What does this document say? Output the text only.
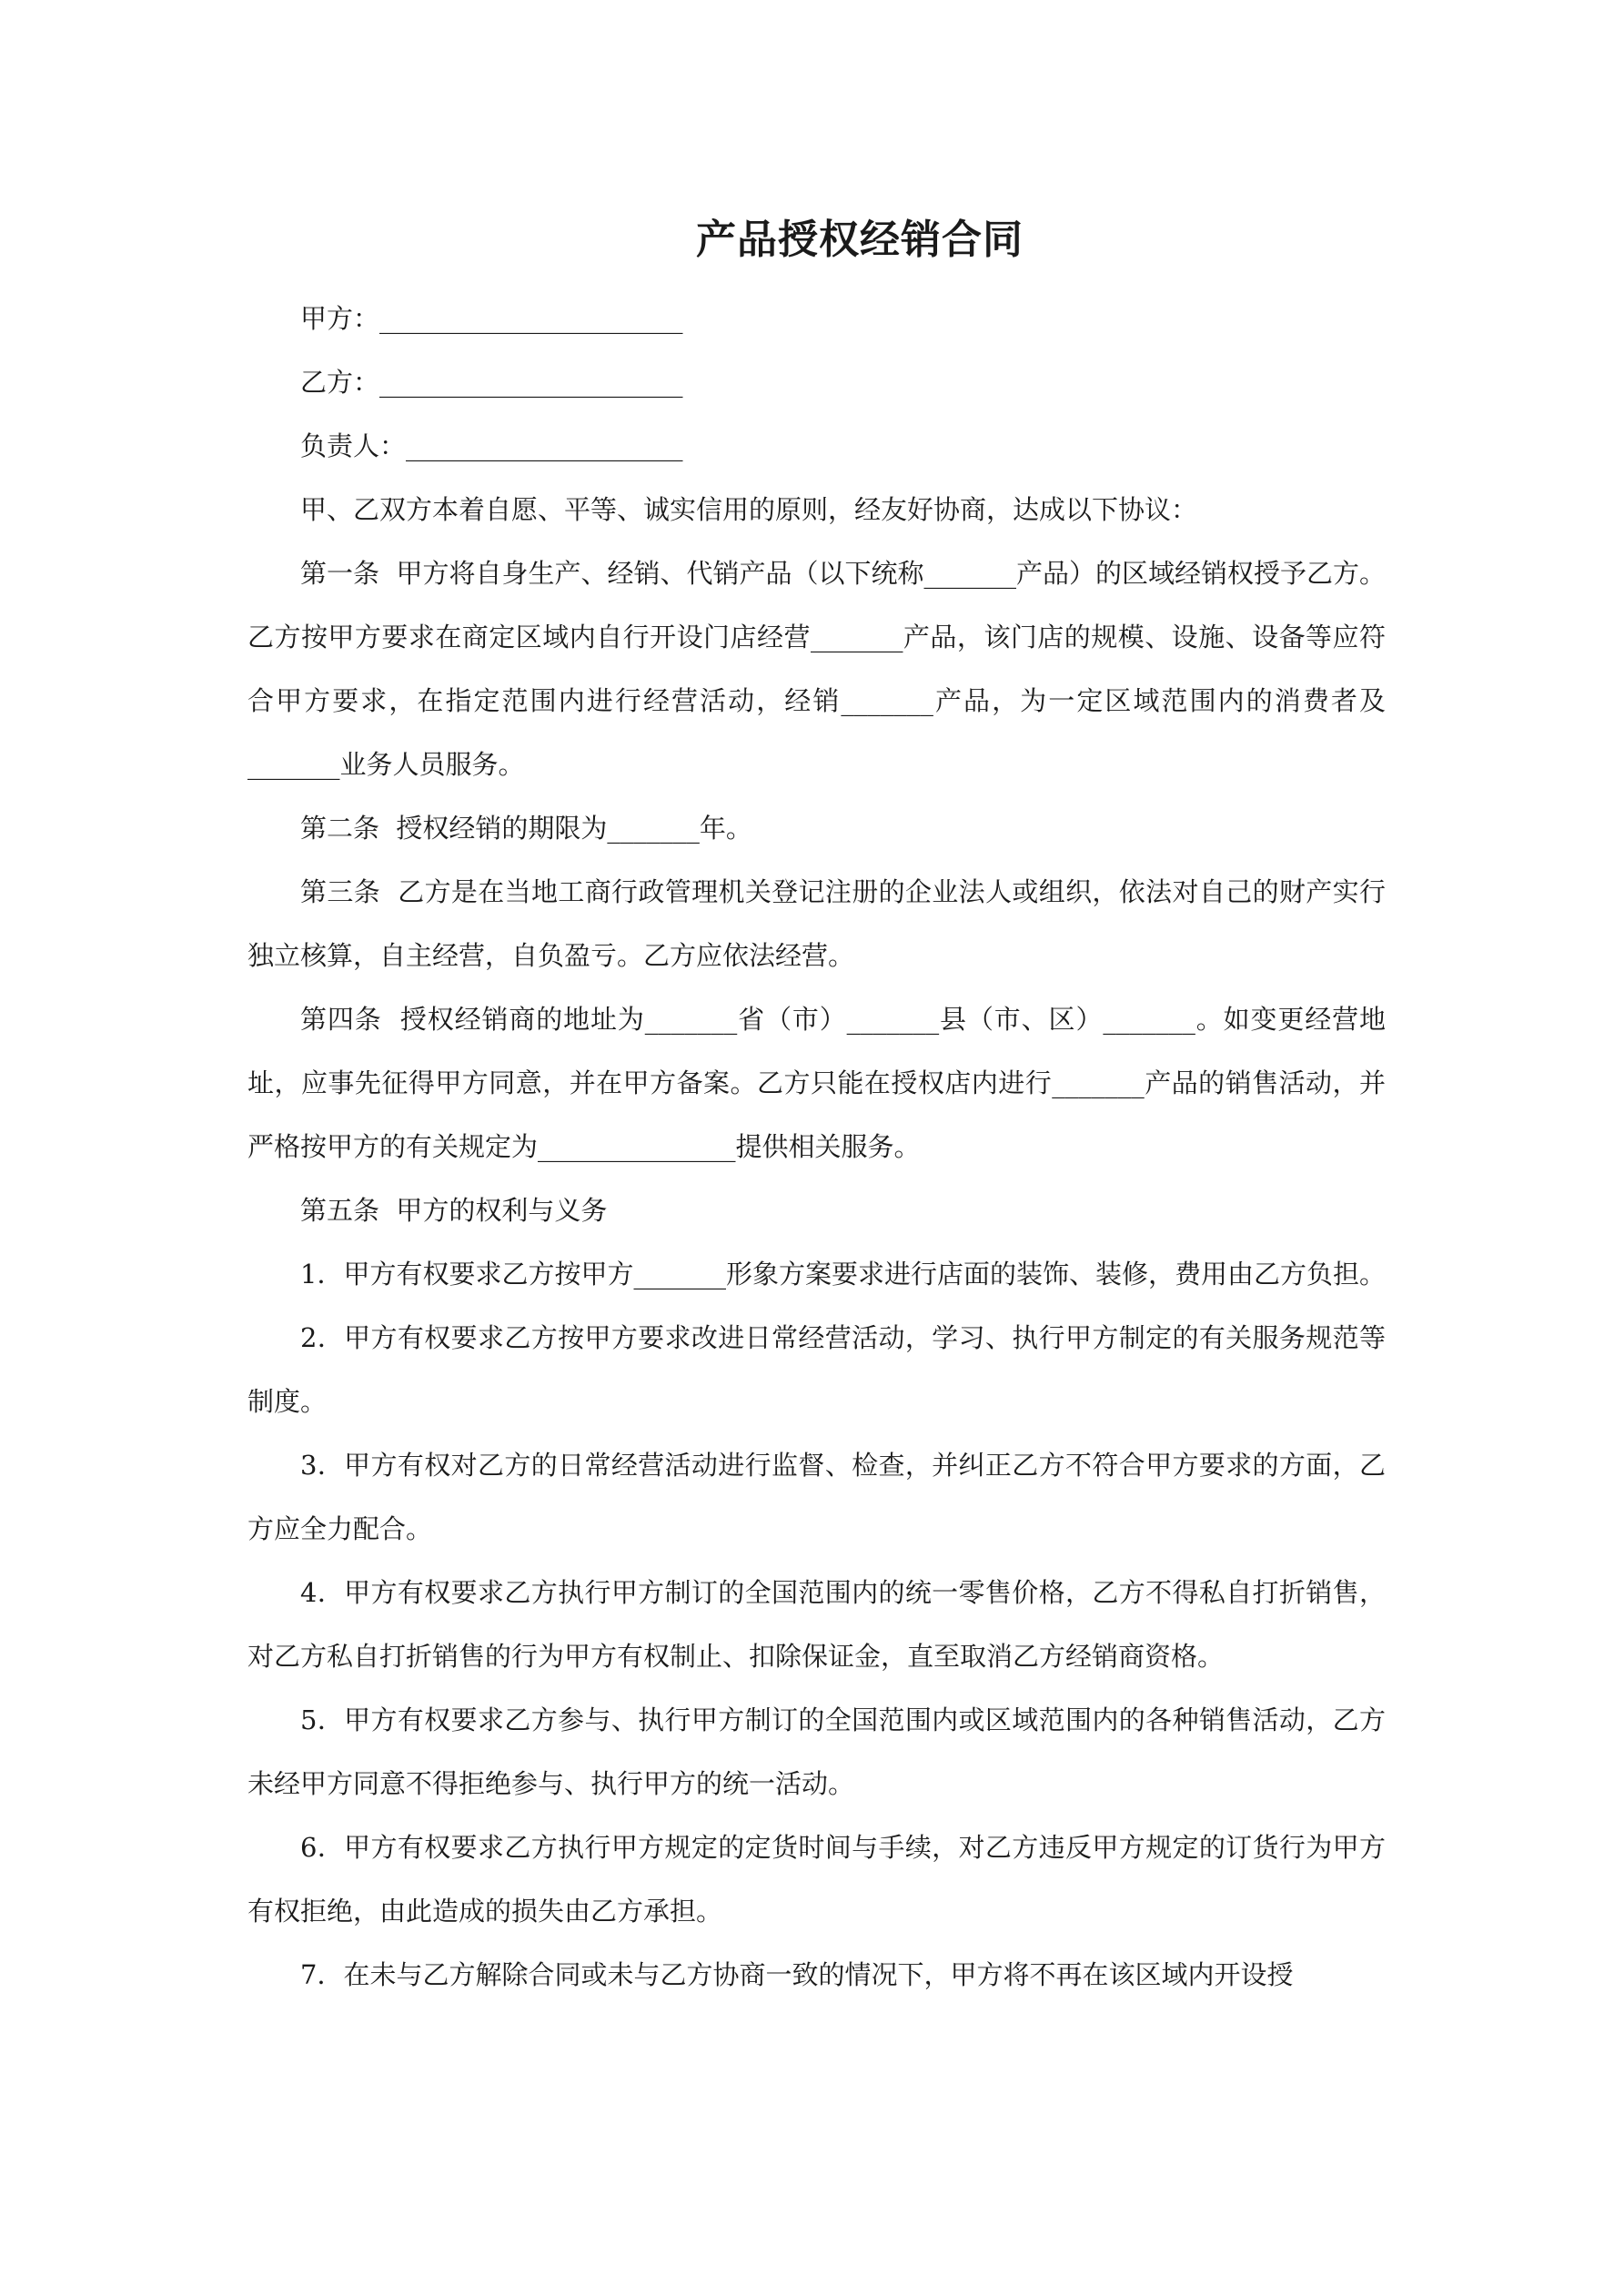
产品授权经销合同

甲方：_______________________

乙方：_______________________

负责人：_____________________

甲、乙双方本着自愿、平等、诚实信用的原则，经友好协商，达成以下协议：

第一条  甲方将自身生产、经销、代销产品（以下统称_______产品）的区域经销权授予乙方。乙方按甲方要求在商定区域内自行开设门店经营_______产品，该门店的规模、设施、设备等应符合甲方要求，在指定范围内进行经营活动，经销_______产品，为一定区域范围内的消费者及_______业务人员服务。

第二条  授权经销的期限为_______年。

第三条  乙方是在当地工商行政管理机关登记注册的企业法人或组织，依法对自己的财产实行独立核算，自主经营，自负盈亏。乙方应依法经营。

第四条  授权经销商的地址为_______省（市）_______县（市、区）_______。如变更经营地址，应事先征得甲方同意，并在甲方备案。乙方只能在授权店内进行_______产品的销售活动，并严格按甲方的有关规定为_______________提供相关服务。

第五条  甲方的权利与义务

1．甲方有权要求乙方按甲方_______形象方案要求进行店面的装饰、装修，费用由乙方负担。

2．甲方有权要求乙方按甲方要求改进日常经营活动，学习、执行甲方制定的有关服务规范等制度。

3．甲方有权对乙方的日常经营活动进行监督、检查，并纠正乙方不符合甲方要求的方面，乙方应全力配合。

4．甲方有权要求乙方执行甲方制订的全国范围内的统一零售价格，乙方不得私自打折销售，对乙方私自打折销售的行为甲方有权制止、扣除保证金，直至取消乙方经销商资格。

5．甲方有权要求乙方参与、执行甲方制订的全国范围内或区域范围内的各种销售活动，乙方未经甲方同意不得拒绝参与、执行甲方的统一活动。

6．甲方有权要求乙方执行甲方规定的定货时间与手续，对乙方违反甲方规定的订货行为甲方有权拒绝，由此造成的损失由乙方承担。

7．在未与乙方解除合同或未与乙方协商一致的情况下，甲方将不再在该区域内开设授
